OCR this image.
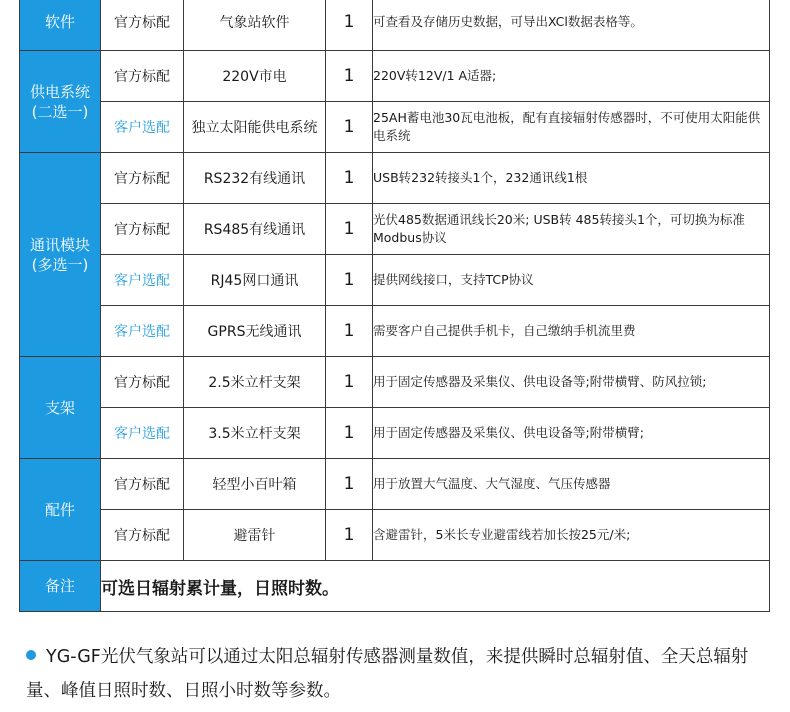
软件	官方标配	气象站软件	1	可查看及存储历史数据，可导出XCl数据表格等。

供电系统
(二选一)	官方标配	220V市电	1	220V转12V/1 A适器;
	客户选配	独立太阳能供电系统	1	25AH蓄电池30瓦电池板，配有直接辐射传感器时，不可使用太阳能供电系统

通讯模块
(多选一)	官方标配	RS232有线通讯	1	USB转232转接头1个，232通讯线1根
	官方标配	RS485有线通讯	1	光伏485数据通讯线长20米; USB转 485转接头1个，可切换为标准Modbus协议
	客户选配	RJ45网口通讯	1	提供网线接口，支持TCP协议
	客户选配	GPRS无线通讯	1	需要客户自己提供手机卡，自己缴纳手机流里费
支架	官方标配	2.5米立杆支架	1	用于固定传感器及采集仪、供电设备等;附带横臂、防风拉锁;
	客户选配	3.5米立杆支架	1	用于固定传感器及采集仪、供电设备等;附带横臂;
配件	官方标配	轻型小百叶箱	1	用于放置大气温度、大气湿度、气压传感器
	官方标配	避雷针	1	含避雷针，5米长专业避雷线若加长按25元/米;
备注	可选日辐射累计量，日照时数。			
YG-GF光伏气象站可以通过太阳总辐射传感器测量数值，来提供瞬时总辐射值、全天总辐射量、峰值日照时数、日照小时数等参数。
